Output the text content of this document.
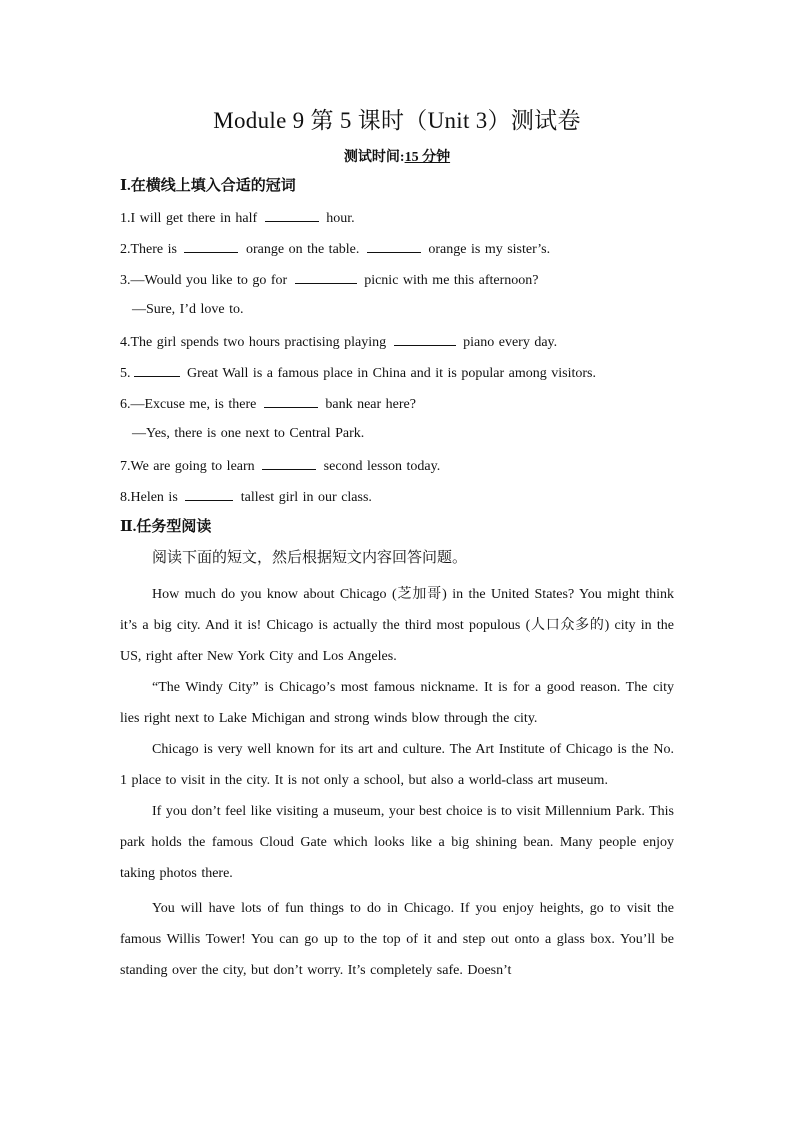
Module 9 第 5 课时（Unit 3）测试卷
测试时间:15 分钟
Ⅰ.在横线上填入合适的冠词
1.I will get there in half	hour.
2.There is	orange on the table.	orange is my sister’s.
3.—Would you like to go for	picnic with me this afternoon?
—Sure, I’d love to.
4.The girl spends two hours practising playing	piano every day.
5.	Great Wall is a famous place in China and it is popular among visitors.
6.—Excuse me, is there	bank near here?
—Yes, there is one next to Central Park.
7.We are going to learn	second lesson today.
8.Helen is	tallest girl in our class.
Ⅱ.任务型阅读
阅读下面的短文，然后根据短文内容回答问题。

How much do you know about Chicago (芝加哥) in the United States? You might think it’s a big city. And it is! Chicago is actually the third most populous (人口众多的) city in the US, right after New York City and Los Angeles.

“The Windy City” is Chicago’s most famous nickname. It is for a good reason. The city lies right next to Lake Michigan and strong winds blow through the city.

Chicago is very well known for its art and culture. The Art Institute of Chicago is the No. 1 place to visit in the city. It is not only a school, but also a world-class art museum.

If you don’t feel like visiting a museum, your best choice is to visit Millennium Park. This park holds the famous Cloud Gate which looks like a big shining bean. Many people enjoy taking photos there.

You will have lots of fun things to do in Chicago. If you enjoy heights, go to visit the famous Willis Tower! You can go up to the top of it and step out onto a glass box. You’ll be standing over the city, but don’t worry. It’s completely safe. Doesn’t
